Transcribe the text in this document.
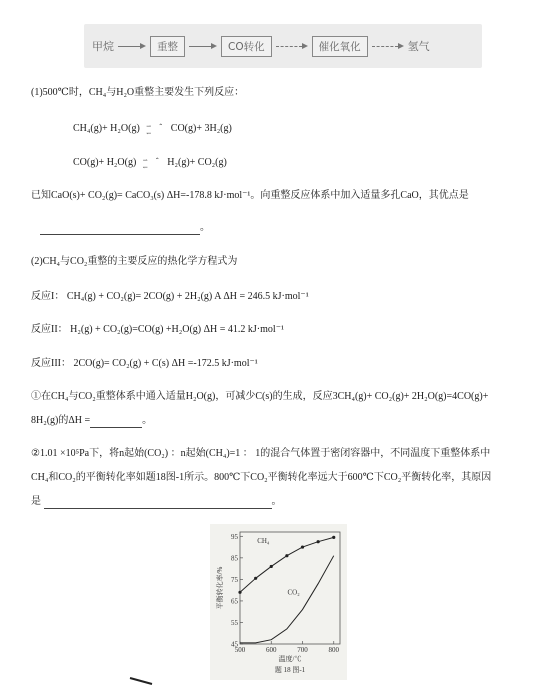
甲烷	重整	CO转化	催化氧化	氢气
(1)500℃时，CH₄与H₂O重整主要发生下列反应：
CH₄(g)+ H₂O(g) ⇀
↽
⌃ CO(g)+ 3H₂(g)
CO(g)+ H₂O(g) ⇀
↽
⌃ H₂(g)+ CO₂(g)
已知CaO(s)+ CO₂(g)= CaCO₃(s) ΔH=-178.8 kJ·mol⁻¹。向重整反应体系中加入适量多孔CaO，其优点是
。
(2)CH₄与CO₂重整的主要反应的热化学方程式为
反应I： CH₄(g) + CO₂(g)= 2CO(g) + 2H₂(g) A ΔH = 246.5 kJ·mol⁻¹
反应II： H₂(g) + CO₂(g)=CO(g) +H₂O(g) ΔH = 41.2 kJ·mol⁻¹
反应III： 2CO(g)= CO₂(g) + C(s) ΔH =-172.5 kJ·mol⁻¹
①在CH₄与CO₂重整体系中通入适量H₂O(g)，可减少C(s)的生成，反应3CH₄(g)+ CO₂(g)+ 2H₂O(g)=4CO(g)+
8H₂(g)的ΔH =	。
②1.01 ×10⁵Pa下，将n起始(CO₂) ：n起始(CH₄)=1 ： 1的混合气体置于密闭容器中，不同温度下重整体系中
CH₄和CO₂的平衡转化率如题18图-1所示。800℃下CO₂平衡转化率远大于600℃下CO₂平衡转化率，其原因
是	。
45
55
65
75
85
95
500	600	700	800
CH₄
CO₂
平衡转化率/%
温度/℃
题 18 图-1
